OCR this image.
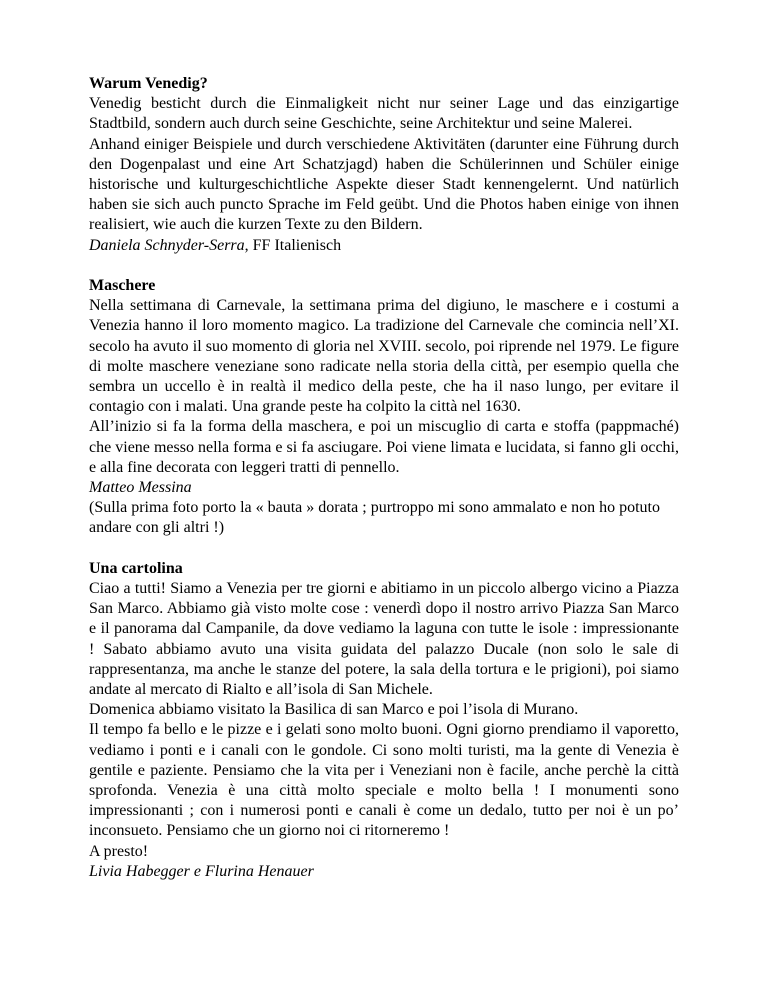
Warum Venedig?

Venedig besticht durch die Einmaligkeit nicht nur seiner Lage und das einzigartige Stadtbild, sondern auch durch seine Geschichte, seine Architektur und seine Malerei.

Anhand einiger Beispiele und durch verschiedene Aktivitäten (darunter eine Führung durch den Dogenpalast und eine Art Schatzjagd) haben die Schülerinnen und Schüler einige historische und kulturgeschichtliche Aspekte dieser Stadt kennengelernt. Und natürlich haben sie sich auch puncto Sprache im Feld geübt. Und die Photos haben einige von ihnen realisiert, wie auch die kurzen Texte zu den Bildern.

Daniela Schnyder-Serra, FF Italienisch
Maschere

Nella settimana di Carnevale, la settimana prima del digiuno, le maschere e i costumi a Venezia hanno il loro momento magico. La tradizione del Carnevale che comincia nell’XI. secolo ha avuto il suo momento di gloria nel XVIII. secolo, poi riprende nel 1979. Le figure di molte maschere veneziane sono radicate nella storia della città, per esempio quella che sembra un uccello è in realtà il medico della peste, che ha il naso lungo, per evitare il contagio con i malati. Una grande peste ha colpito la città nel 1630.

All’inizio si fa la forma della maschera, e poi un miscuglio di carta e stoffa (pappmaché) che viene messo nella forma e si fa asciugare. Poi viene limata e lucidata, si fanno gli occhi, e alla fine decorata con leggeri tratti di pennello.

Matteo Messina

(Sulla prima foto porto la « bauta » dorata ; purtroppo mi sono ammalato e non ho potuto andare con gli altri !)

Una cartolina

Ciao a tutti! Siamo a Venezia per tre giorni e abitiamo in un piccolo albergo vicino a Piazza San Marco. Abbiamo già visto molte cose : venerdì dopo il nostro arrivo Piazza San Marco e il panorama dal Campanile, da dove vediamo la laguna con tutte le isole : impressionante ! Sabato abbiamo avuto una visita guidata del palazzo Ducale (non solo le sale di rappresentanza, ma anche le stanze del potere, la sala della tortura e le prigioni), poi siamo andate al mercato di Rialto e all’isola di San Michele.

Domenica abbiamo visitato la Basilica di san Marco e poi l’isola di Murano.

Il tempo fa bello e le pizze e i gelati sono molto buoni. Ogni giorno prendiamo il vaporetto, vediamo i ponti e i canali con le gondole. Ci sono molti turisti, ma la gente di Venezia è gentile e paziente. Pensiamo che la vita per i Veneziani non è facile, anche perchè la città sprofonda. Venezia è una città molto speciale e molto bella ! I monumenti sono impressionanti ; con i numerosi ponti e canali è come un dedalo, tutto per noi è un po’ inconsueto. Pensiamo che un giorno noi ci ritorneremo !

A presto!

Livia Habegger e Flurina Henauer
